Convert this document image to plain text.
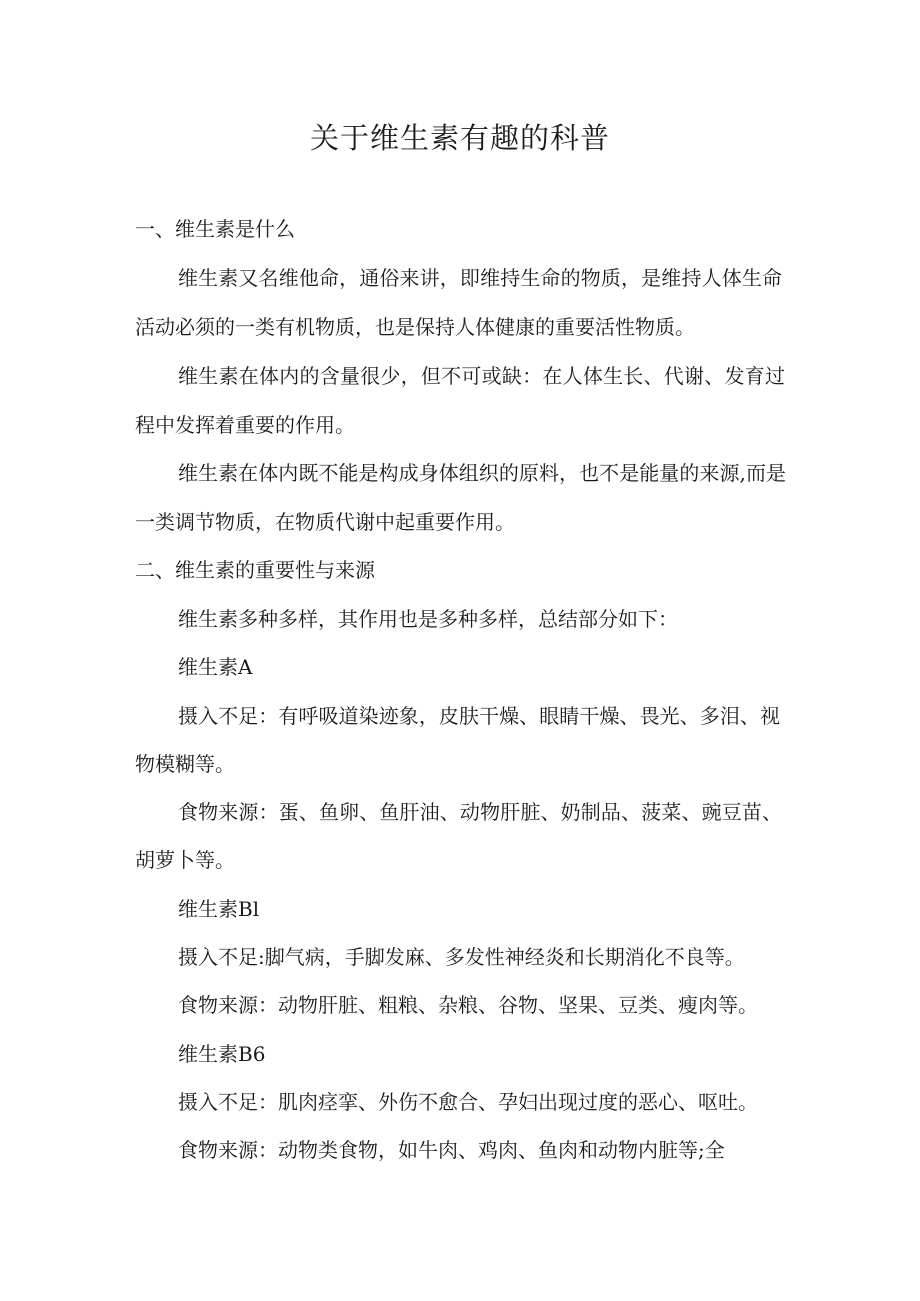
关于维生素有趣的科普

一、维生素是什么

维生素又名维他命，通俗来讲，即维持生命的物质，是维持人体生命

活动必须的一类有机物质，也是保持人体健康的重要活性物质。

维生素在体内的含量很少，但不可或缺：在人体生长、代谢、发育过

程中发挥着重要的作用。

维生素在体内既不能是构成身体组织的原料，也不是能量的来源,而是

一类调节物质，在物质代谢中起重要作用。

二、维生素的重要性与来源

维生素多种多样，其作用也是多种多样，总结部分如下：

维生素A

摄入不足：有呼吸道染迹象，皮肤干燥、眼睛干燥、畏光、多泪、视

物模糊等。

食物来源：蛋、鱼卵、鱼肝油、动物肝脏、奶制品、菠菜、豌豆苗、

胡萝卜等。

维生素Bl

摄入不足:脚气病，手脚发麻、多发性神经炎和长期消化不良等。

食物来源：动物肝脏、粗粮、杂粮、谷物、坚果、豆类、瘦肉等。

维生素B6

摄入不足：肌肉痉挛、外伤不愈合、孕妇出现过度的恶心、呕吐。

食物来源：动物类食物，如牛肉、鸡肉、鱼肉和动物内脏等;全
